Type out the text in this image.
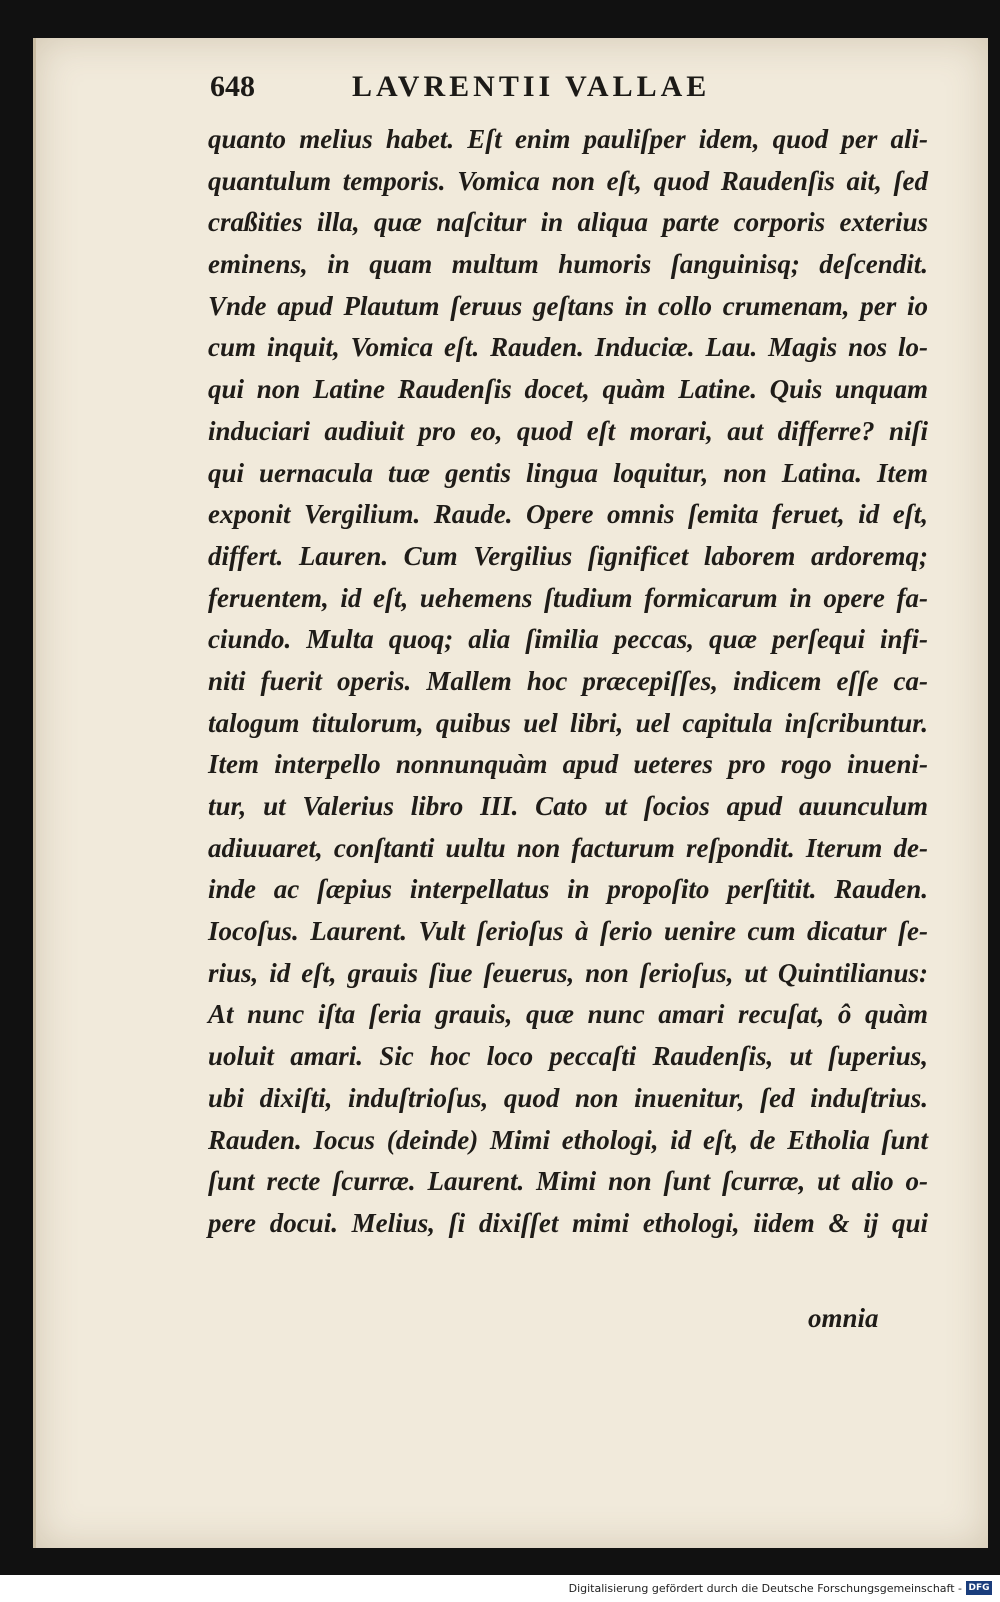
648	LAVRENTII VALLAE
quanto melius habet. Eſt enim pauliſper idem, quod per ali-
quantulum temporis. Vomica non eſt, quod Raudenſis ait, ſed
craßities illa, quæ naſcitur in aliqua parte corporis exterius
eminens, in quam multum humoris ſanguinisq; deſcendit.
Vnde apud Plautum ſeruus geſtans in collo crumenam, per io
cum inquit, Vomica eſt. Rauden. Induciæ. Lau. Magis nos lo-
qui non Latine Raudenſis docet, quàm Latine. Quis unquam
induciari audiuit pro eo, quod eſt morari, aut differre? niſi
qui uernacula tuæ gentis lingua loquitur, non Latina. Item
exponit Vergilium. Raude. Opere omnis ſemita feruet, id eſt,
differt. Lauren. Cum Vergilius ſignificet laborem ardoremq;
feruentem, id eſt, uehemens ſtudium formicarum in opere fa-
ciundo. Multa quoq; alia ſimilia peccas, quæ perſequi infi-
niti fuerit operis. Mallem hoc præcepiſſes, indicem eſſe ca-
talogum titulorum, quibus uel libri, uel capitula inſcribuntur.
Item interpello nonnunquàm apud ueteres pro rogo inueni-
tur, ut Valerius libro III. Cato ut ſocios apud auunculum
adiuuaret, conſtanti uultu non facturum reſpondit. Iterum de-
inde ac ſæpius interpellatus in propoſito perſtitit. Rauden.
Iocoſus. Laurent. Vult ſerioſus à ſerio uenire cum dicatur ſe-
rius, id eſt, grauis ſiue ſeuerus, non ſerioſus, ut Quintilianus:
At nunc iſta ſeria grauis, quæ nunc amari recuſat, ô quàm
uoluit amari. Sic hoc loco peccaſti Raudenſis, ut ſuperius,
ubi dixiſti, induſtrioſus, quod non inuenitur, ſed induſtrius.
Rauden. Iocus (deinde) Mimi ethologi, id eſt, de Etholia ſunt
ſunt recte ſcurræ. Laurent. Mimi non ſunt ſcurræ, ut alio o-
pere docui. Melius, ſi dixiſſet mimi ethologi, iidem & ij qui
omnia
Digitalisierung gefördert durch die Deutsche Forschungsgemeinschaft - DFG
